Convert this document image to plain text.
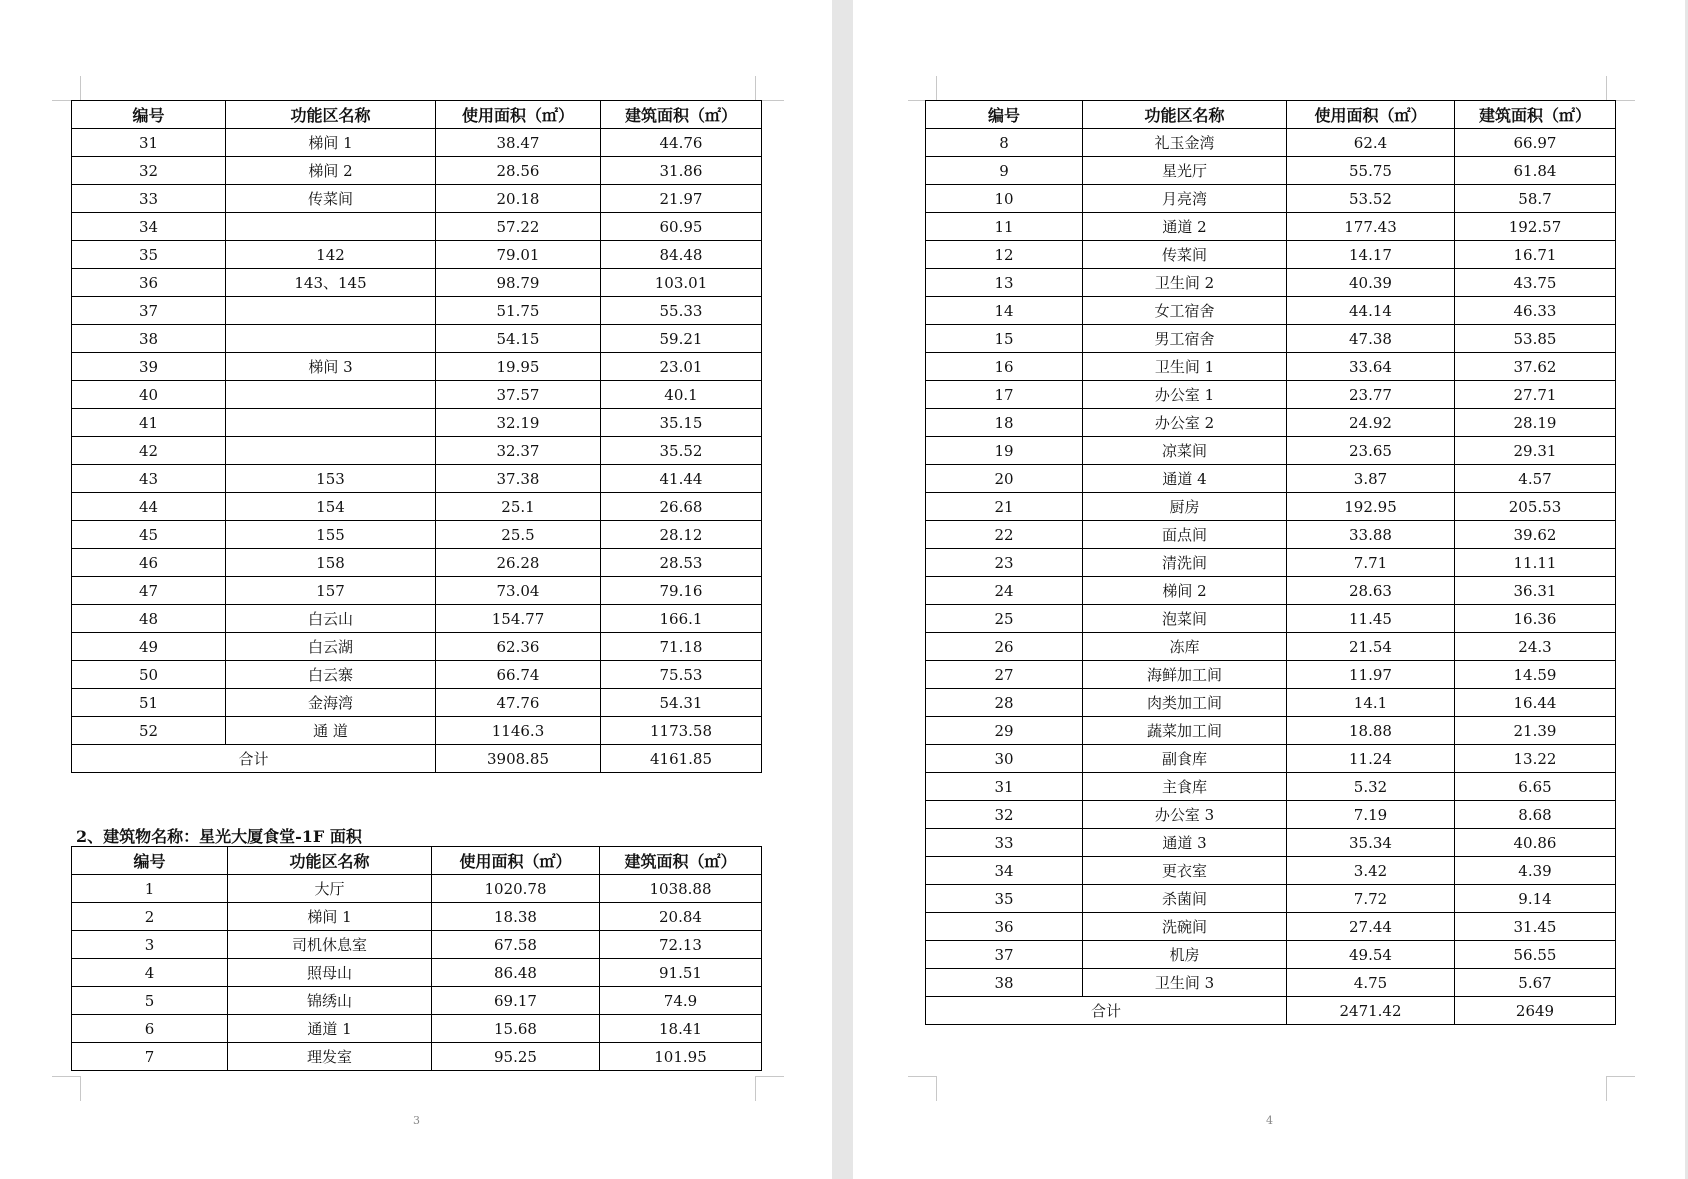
编号	功能区名称	使用面积（㎡）	建筑面积（㎡）
31	梯间 1	38.47	44.76
32	梯间 2	28.56	31.86
33	传菜间	20.18	21.97
34		57.22	60.95
35	142	79.01	84.48
36	143、145	98.79	103.01
37		51.75	55.33
38		54.15	59.21
39	梯间 3	19.95	23.01
40		37.57	40.1
41		32.19	35.15
42		32.37	35.52
43	153	37.38	41.44
44	154	25.1	26.68
45	155	25.5	28.12
46	158	26.28	28.53
47	157	73.04	79.16
48	白云山	154.77	166.1
49	白云湖	62.36	71.18
50	白云寨	66.74	75.53
51	金海湾	47.76	54.31
52	通 道	1146.3	1173.58
合计		3908.85	4161.85
2、建筑物名称：星光大厦食堂-1F 面积
编号	功能区名称	使用面积（㎡）	建筑面积（㎡）
1	大厅	1020.78	1038.88
2	梯间 1	18.38	20.84
3	司机休息室	67.58	72.13
4	照母山	86.48	91.51
5	锦绣山	69.17	74.9
6	通道 1	15.68	18.41
7	理发室	95.25	101.95
3
编号	功能区名称	使用面积（㎡）	建筑面积（㎡）
8	礼玉金湾	62.4	66.97
9	星光厅	55.75	61.84
10	月亮湾	53.52	58.7
11	通道 2	177.43	192.57
12	传菜间	14.17	16.71
13	卫生间 2	40.39	43.75
14	女工宿舍	44.14	46.33
15	男工宿舍	47.38	53.85
16	卫生间 1	33.64	37.62
17	办公室 1	23.77	27.71
18	办公室 2	24.92	28.19
19	凉菜间	23.65	29.31
20	通道 4	3.87	4.57
21	厨房	192.95	205.53
22	面点间	33.88	39.62
23	清洗间	7.71	11.11
24	梯间 2	28.63	36.31
25	泡菜间	11.45	16.36
26	冻库	21.54	24.3
27	海鲜加工间	11.97	14.59
28	肉类加工间	14.1	16.44
29	蔬菜加工间	18.88	21.39
30	副食库	11.24	13.22
31	主食库	5.32	6.65
32	办公室 3	7.19	8.68
33	通道 3	35.34	40.86
34	更衣室	3.42	4.39
35	杀菌间	7.72	9.14
36	洗碗间	27.44	31.45
37	机房	49.54	56.55
38	卫生间 3	4.75	5.67
合计		2471.42	2649
4
